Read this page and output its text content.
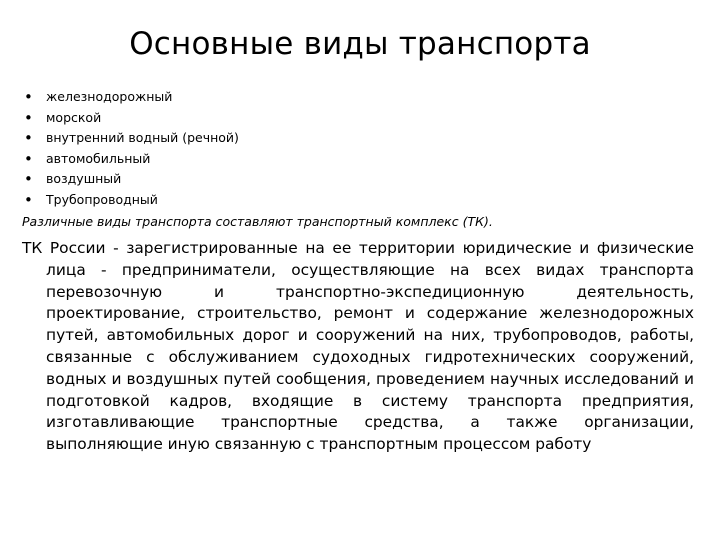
Основные виды транспорта
• железнодорожный
• морской
• внутренний водный (речной)
• автомобильный
• воздушный
• Трубопроводный
Различные виды транспорта составляют транспортный комплекс (ТК).
ТК России - зарегистрированные на ее территории юридические и физические лица - предприниматели, осуществляющие на всех видах транспорта перевозочную и транспортно-экспедиционную деятельность, проектирование, строительство, ремонт и содержание железнодорожных путей, автомобильных дорог и сооружений на них, трубопроводов, работы, связанные с обслуживанием судоходных гидротехнических сооружений, водных и воздушных путей сообщения, проведением научных исследований и подготовкой кадров, входящие в систему транспорта предприятия, изготавливающие транспортные средства, а также организации, выполняющие иную связанную с транспортным процессом работу
